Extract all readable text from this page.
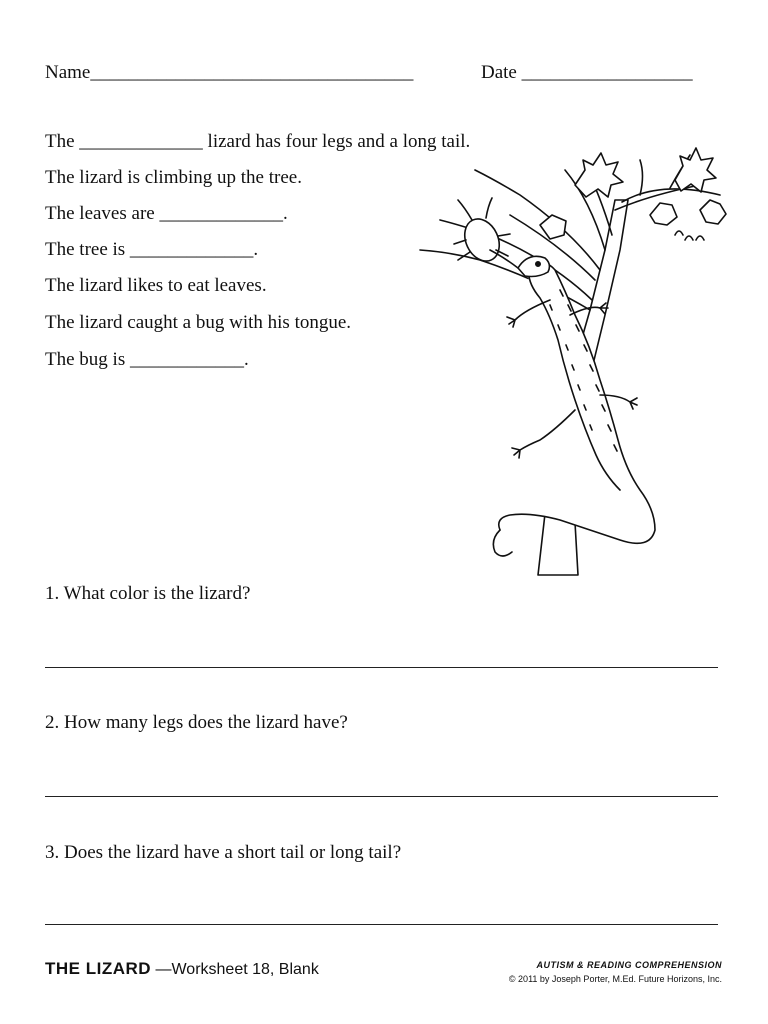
Name__________________________________	Date __________________
The _____________ lizard has four legs and a long tail.
The lizard is climbing up the tree.
The leaves are _____________.
The tree is _____________.
The lizard likes to eat leaves.
The lizard caught a bug with his tongue.
The bug is ____________.
1. What color is the lizard?
2. How many legs does the lizard have?
3. Does the lizard have a short tail or long tail?
THE LIZARD —Worksheet 18, Blank	AUTISM & READING COMPREHENSION
© 2011 by Joseph Porter, M.Ed. Future Horizons, Inc.
